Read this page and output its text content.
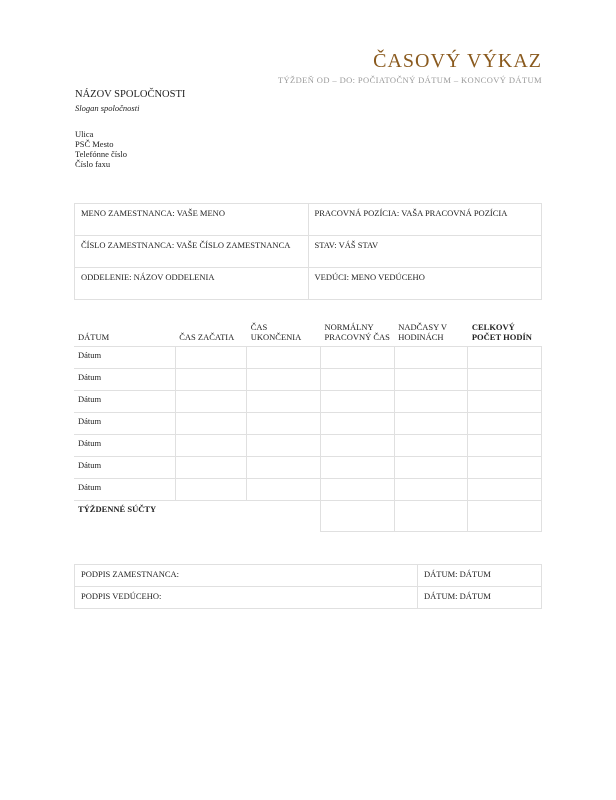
ČASOVÝ VÝKAZ
TÝŽDEŇ OD – DO: POČIATOČNÝ DÁTUM – KONCOVÝ DÁTUM
NÁZOV SPOLOČNOSTI
Slogan spoločnosti
Ulica
PSČ Mesto
Telefónne číslo
Číslo faxu
MENO ZAMESTNANCA: VAŠE MENO	PRACOVNÁ POZÍCIA: VAŠA PRACOVNÁ POZÍCIA
ČÍSLO ZAMESTNANCA: VAŠE ČÍSLO ZAMESTNANCA	STAV: VÁŠ STAV
ODDELENIE: NÁZOV ODDELENIA	VEDÚCI: MENO VEDÚCEHO
DÁTUM	ČAS ZAČATIA	ČAS UKONČENIA	NORMÁLNY PRACOVNÝ ČAS	NADČASY V HODINÁCH	CELKOVÝ POČET HODÍN
Dátum					
Dátum					
Dátum					
Dátum					
Dátum					
Dátum					
Dátum					
TÝŽDENNÉ SÚČTY					
PODPIS ZAMESTNANCA:	DÁTUM: DÁTUM
PODPIS VEDÚCEHO:	DÁTUM: DÁTUM
